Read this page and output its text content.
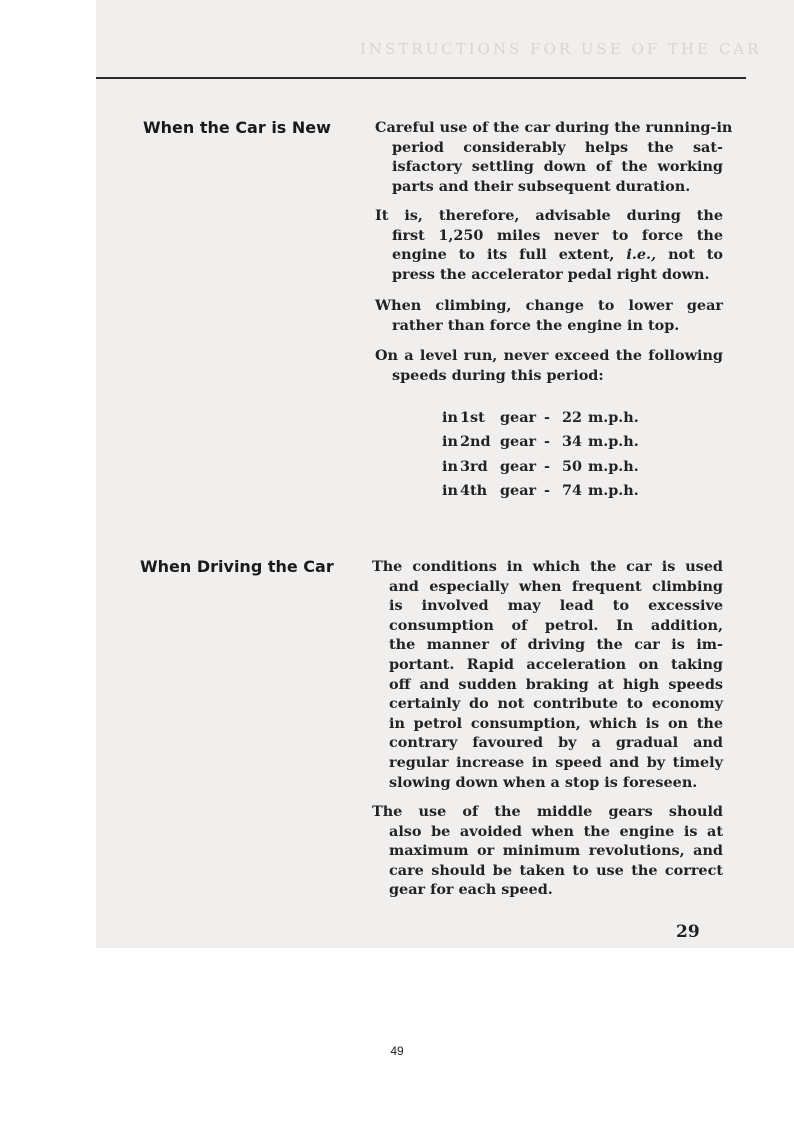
INSTRUCTIONS FOR USE OF THE CAR
When the Car is New	Careful use of the car during the running-in
period considerably helps the sat-
isfactory settling down of the working
parts and their subsequent duration.
It is, therefore, advisable during the
first 1,250 miles never to force the
engine to its full extent, i.e., not to
press the accelerator pedal right down.
When climbing, change to lower gear
rather than force the engine in top.
On a level run, never exceed the following
speeds during this period:
in 1st gear - 22 m.p.h.
in 2nd gear - 34 m.p.h.
in 3rd gear - 50 m.p.h.
in 4th gear - 74 m.p.h.
When Driving the Car	The conditions in which the car is used
and especially when frequent climbing
is involved may lead to excessive
consumption of petrol. In addition,
the manner of driving the car is im-
portant. Rapid acceleration on taking
off and sudden braking at high speeds
certainly do not contribute to economy
in petrol consumption, which is on the
contrary favoured by a gradual and
regular increase in speed and by timely
slowing down when a stop is foreseen.
The use of the middle gears should
also be avoided when the engine is at
maximum or minimum revolutions, and
care should be taken to use the correct
gear for each speed.
29
49
